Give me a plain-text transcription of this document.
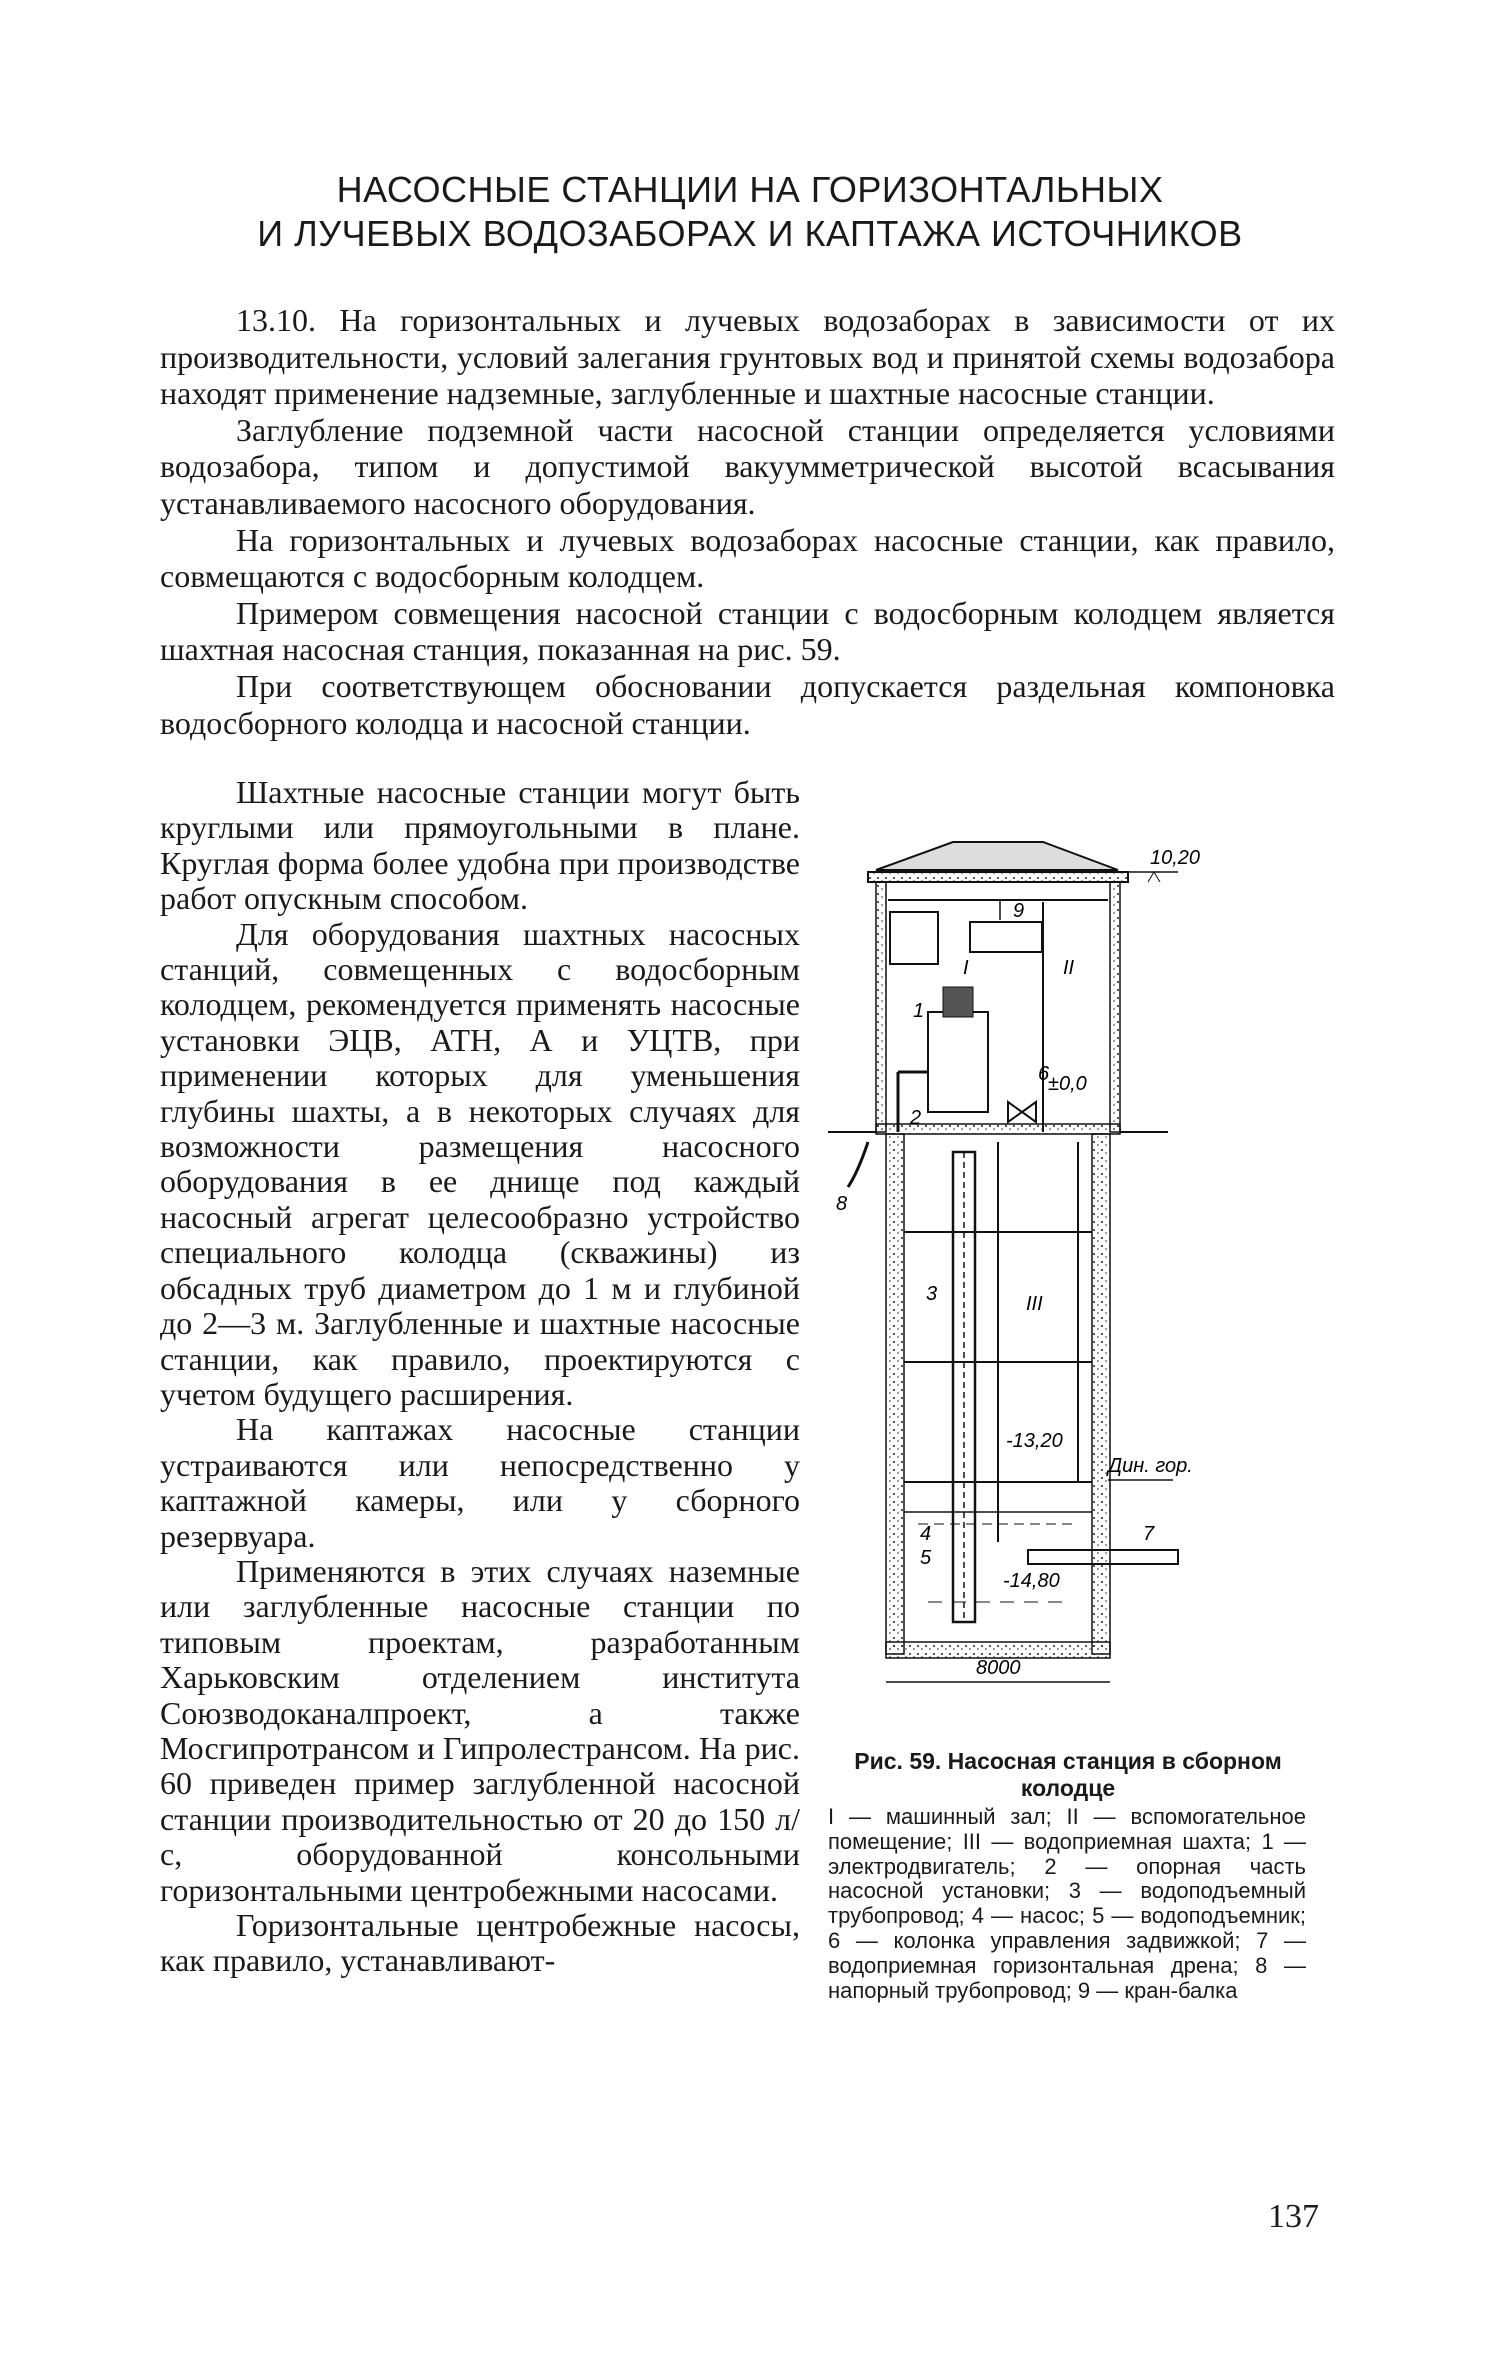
НАСОСНЫЕ СТАНЦИИ НА ГОРИЗОНТАЛЬНЫХ
И ЛУЧЕВЫХ ВОДОЗАБОРАХ И КАПТАЖА ИСТОЧНИКОВ

13.10. На горизонтальных и лучевых водозаборах в зависимости от их производительности, условий залегания грунтовых вод и принятой схемы водозабора находят применение надземные, заглубленные и шахтные насосные станции.

Заглубление подземной части насосной станции определяется условиями водозабора, типом и допустимой вакуумметрической высотой всасывания устанавливаемого насосного оборудования.

На горизонтальных и лучевых водозаборах насосные станции, как правило, совмещаются с водосборным колодцем.

Примером совмещения насосной станции с водосборным колодцем является шахтная насосная станция, показанная на рис. 59.

При соответствующем обосновании допускается раздельная компоновка водосборного колодца и насосной станции.

Шахтные насосные станции могут быть круглыми или прямоугольными в плане. Круглая форма более удобна при производстве работ опускным способом.

Для оборудования шахтных насосных станций, совмещенных с водосборным колодцем, рекомендуется применять насосные установки ЭЦВ, АТН, А и УЦТВ, при применении которых для уменьшения глубины шахты, а в некоторых случаях для возможности размещения насосного оборудования в ее днище под каждый насосный агрегат целесообразно устройство специального колодца (скважины) из обсадных труб диаметром до 1 м и глубиной до 2—3 м. Заглубленные и шахтные насосные станции, как правило, проектируются с учетом будущего расширения.

На каптажах насосные станции устраиваются или непосредственно у каптажной камеры, или у сборного резервуара.

Применяются в этих случаях наземные или заглубленные насосные станции по типовым проектам, разработанным Харьковским отделением института Союзводоканалпроект, а также Мосгипротрансом и Гипролестрансом. На рис. 60 приведен пример заглубленной насосной станции производительностью от 20 до 150 л/с, оборудованной консольными горизонтальными центробежными насосами.

Горизонтальные центробежные насосы, как правило, устанавливают-

10,20
9
I	II
1
6
±0,0
2
8
3	III
-13,20
Дин. гор.
4	7
5
-14,80
8000
Рис. 59. Насосная станция в сборном колодце
I — машинный зал; II — вспомогательное помещение; III — водоприемная шахта; 1 — электродвигатель; 2 — опорная часть насосной установки; 3 — водоподъемный трубопровод; 4 — насос; 5 — водоподъемник; 6 — колонка управления задвижкой; 7 — водоприемная горизонтальная дрена; 8 — напорный трубопровод; 9 — кран-балка
137
